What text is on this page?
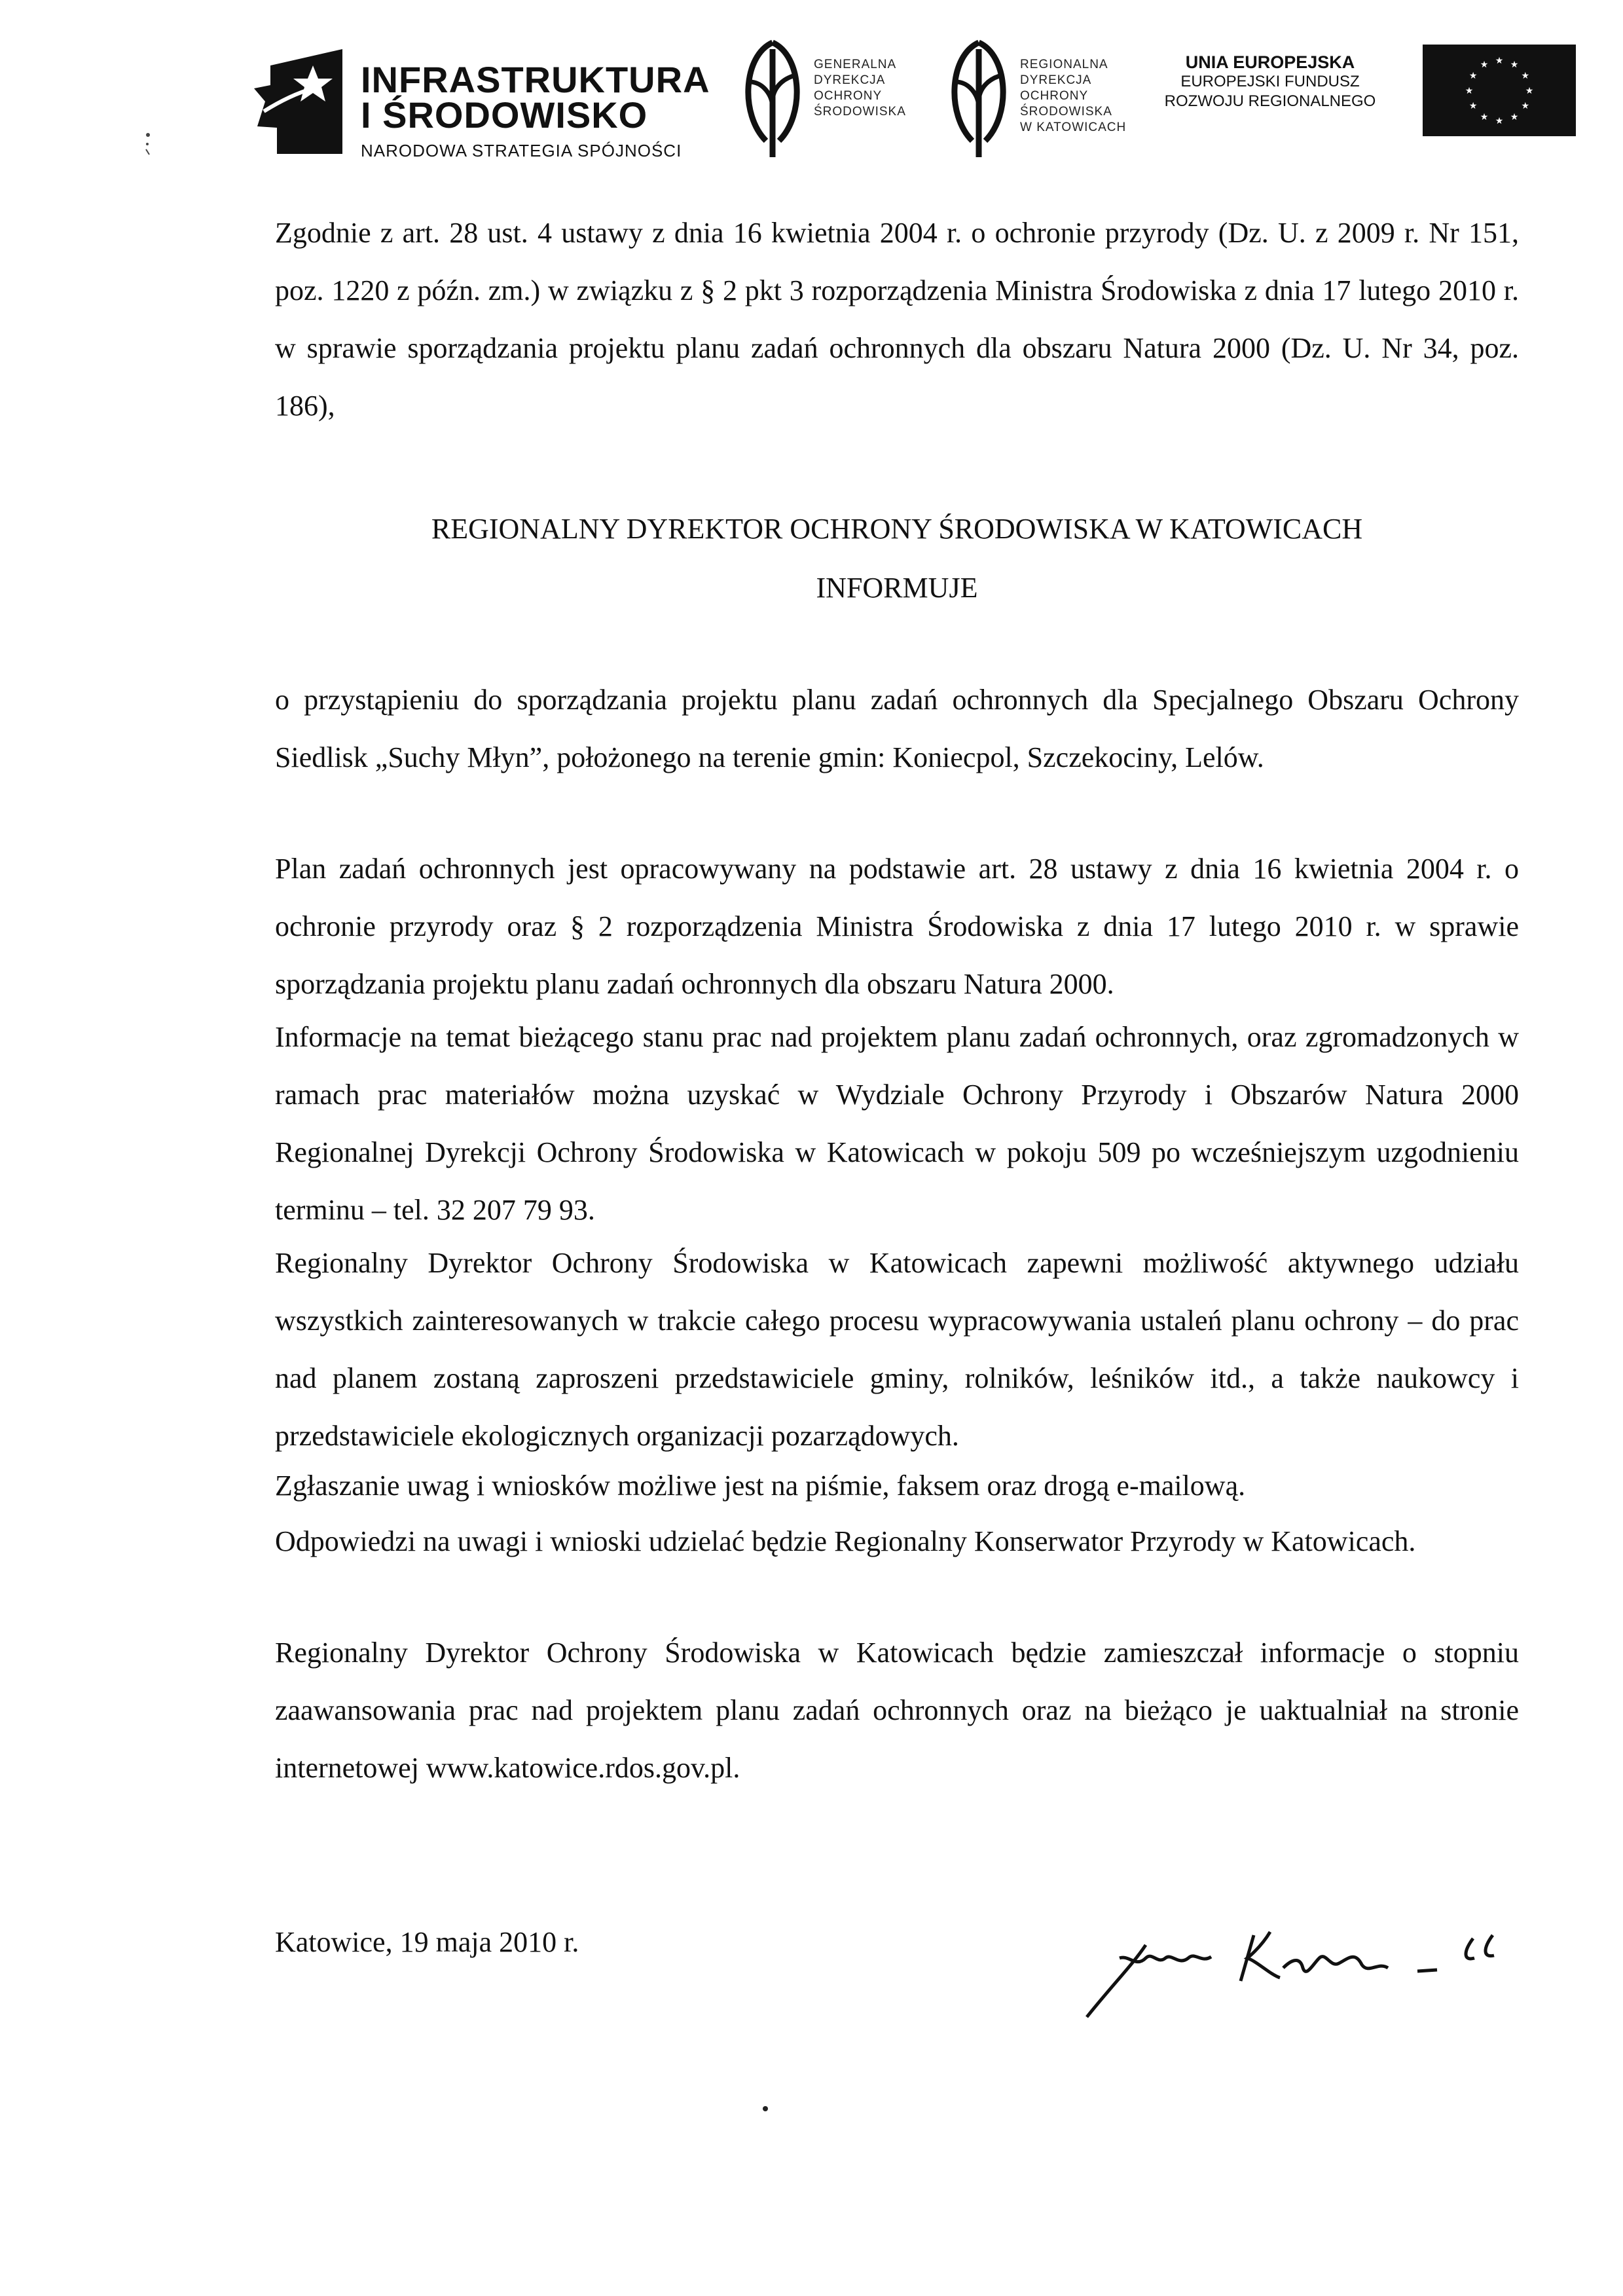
INFRASTRUKTURA
I ŚRODOWISKO
NARODOWA STRATEGIA SPÓJNOŚCI
GENERALNA
DYREKCJA
OCHRONY
ŚRODOWISKA
REGIONALNA
DYREKCJA
OCHRONY
ŚRODOWISKA
W KATOWICACH
UNIA EUROPEJSKA
EUROPEJSKI FUNDUSZ
ROZWOJU REGIONALNEGO
★ ★
★
★
★
★
★
★
★
★
★
★
Zgodnie z art. 28 ust. 4 ustawy z dnia 16 kwietnia 2004 r. o ochronie przyrody (Dz. U. z 2009 r. Nr 151, poz. 1220 z późn. zm.) w związku z § 2 pkt 3 rozporządzenia Ministra Środowiska z dnia 17 lutego 2010 r. w sprawie sporządzania projektu planu zadań ochronnych dla obszaru Natura 2000 (Dz. U. Nr 34, poz. 186),
REGIONALNY DYREKTOR OCHRONY ŚRODOWISKA W KATOWICACH
INFORMUJE
o przystąpieniu do sporządzania projektu planu zadań ochronnych dla Specjalnego Obszaru Ochrony Siedlisk „Suchy Młyn”, położonego na terenie gmin: Koniecpol, Szczekociny, Lelów.
Plan zadań ochronnych jest opracowywany na podstawie art. 28 ustawy z dnia 16 kwietnia 2004 r. o ochronie przyrody oraz § 2 rozporządzenia Ministra Środowiska z dnia 17 lutego 2010 r. w sprawie sporządzania projektu planu zadań ochronnych dla obszaru Natura 2000.
Informacje na temat bieżącego stanu prac nad projektem planu zadań ochronnych, oraz zgromadzonych w ramach prac materiałów można uzyskać w Wydziale Ochrony Przyrody i Obszarów Natura 2000 Regionalnej Dyrekcji Ochrony Środowiska w Katowicach w pokoju 509 po wcześniejszym uzgodnieniu terminu – tel. 32 207 79 93.
Regionalny Dyrektor Ochrony Środowiska w Katowicach zapewni możliwość aktywnego udziału wszystkich zainteresowanych w trakcie całego procesu wypracowywania ustaleń planu ochrony – do prac nad planem zostaną zaproszeni przedstawiciele gminy, rolników, leśników itd., a także naukowcy i przedstawiciele ekologicznych organizacji pozarządowych.
Zgłaszanie uwag i wniosków możliwe jest na piśmie, faksem oraz drogą e-mailową.
Odpowiedzi na uwagi i wnioski udzielać będzie Regionalny Konserwator Przyrody w Katowicach.
Regionalny Dyrektor Ochrony Środowiska w Katowicach będzie zamieszczał informacje o stopniu zaawansowania prac nad projektem planu zadań ochronnych oraz na bieżąco je uaktualniał na stronie internetowej www.katowice.rdos.gov.pl.
Katowice, 19 maja 2010 r.
